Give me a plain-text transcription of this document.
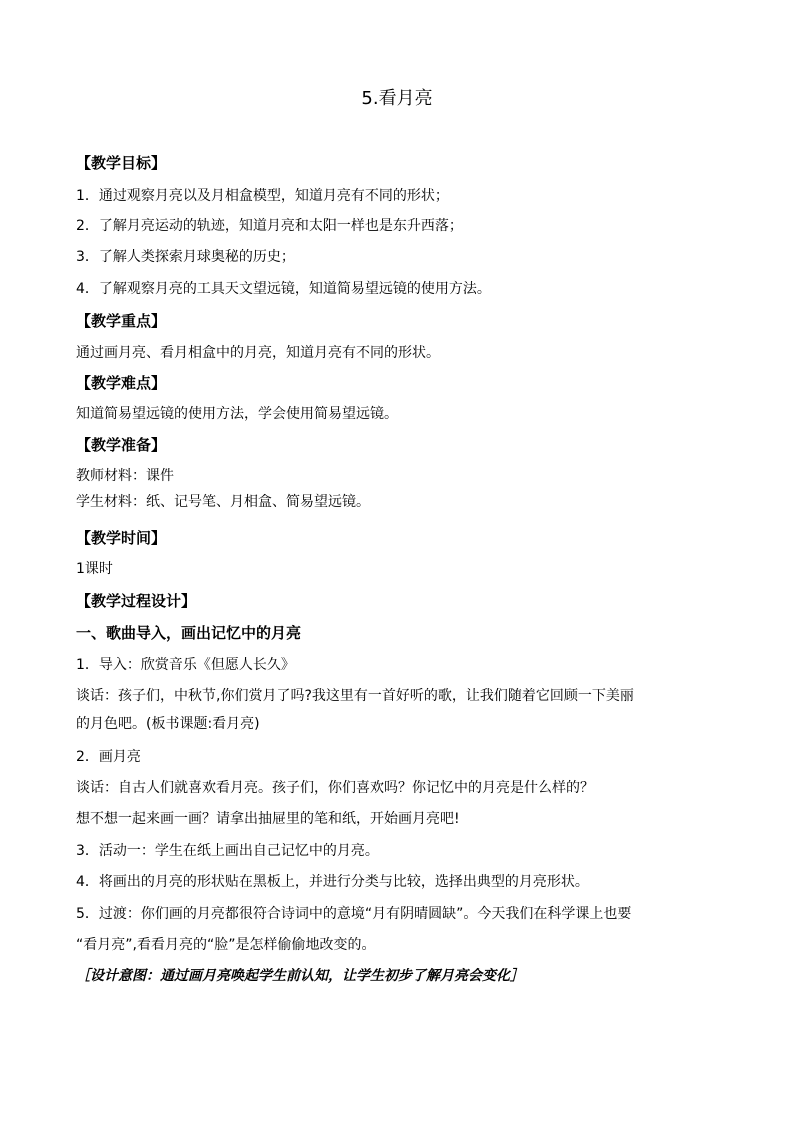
5.看月亮
【教学目标】
1．通过观察月亮以及月相盒模型，知道月亮有不同的形状；
2．了解月亮运动的轨迹，知道月亮和太阳一样也是东升西落；
3．了解人类探索月球奥秘的历史；
4．了解观察月亮的工具天文望远镜，知道简易望远镜的使用方法。
【教学重点】
通过画月亮、看月相盒中的月亮，知道月亮有不同的形状。
【教学难点】
知道简易望远镜的使用方法，学会使用简易望远镜。
【教学准备】
教师材料：课件
学生材料：纸、记号笔、月相盒、简易望远镜。
【教学时间】
1课时
【教学过程设计】
一、歌曲导入，画出记忆中的月亮
1．导入：欣赏音乐《但愿人长久》
谈话：孩子们，中秋节,你们赏月了吗?我这里有一首好听的歌，让我们随着它回顾一下美丽
的月色吧。(板书课题:看月亮)
2．画月亮
谈话：自古人们就喜欢看月亮。孩子们，你们喜欢吗？你记忆中的月亮是什么样的？
想不想一起来画一画？请拿出抽屉里的笔和纸，开始画月亮吧!
3．活动一：学生在纸上画出自己记忆中的月亮。
4．将画出的月亮的形状贴在黑板上，并进行分类与比较，选择出典型的月亮形状。
5．过渡：你们画的月亮都很符合诗词中的意境“月有阴晴圆缺”。今天我们在科学课上也要
“看月亮”,看看月亮的“脸”是怎样偷偷地改变的。
［设计意图：通过画月亮唤起学生前认知，让学生初步了解月亮会变化］
